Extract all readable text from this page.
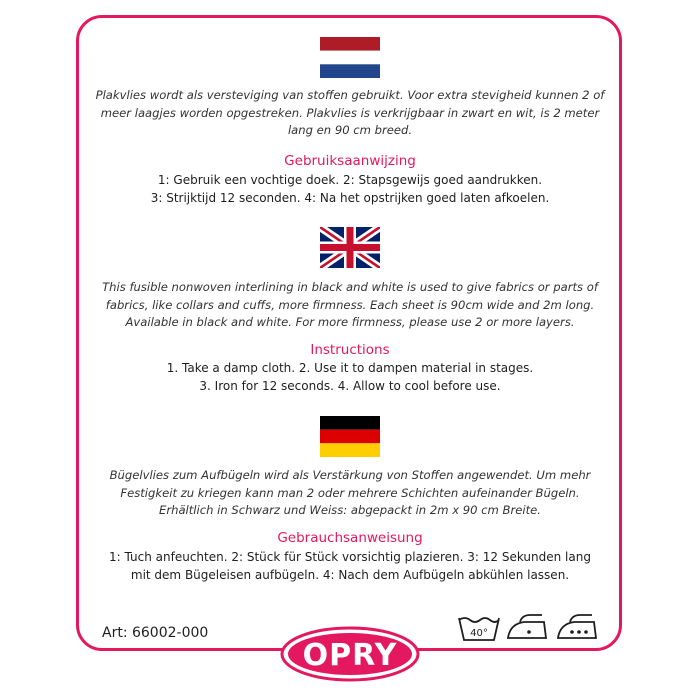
Plakvlies wordt als versteviging van stoffen gebruikt. Voor extra stevigheid kunnen 2 of meer laagjes worden opgestreken. Plakvlies is verkrijgbaar in zwart en wit, is 2 meter lang en 90 cm breed.
Gebruiksaanwijzing
1: Gebruik een vochtige doek. 2: Stapsgewijs goed aandrukken.
3: Strijktijd 12 seconden. 4: Na het opstrijken goed laten afkoelen.
This fusible nonwoven interlining in black and white is used to give fabrics or parts of fabrics, like collars and cuffs, more firmness. Each sheet is 90cm wide and 2m long. Available in black and white. For more firmness, please use 2 or more layers.
Instructions
1. Take a damp cloth. 2. Use it to dampen material in stages.
3. Iron for 12 seconds. 4. Allow to cool before use.
Bügelvlies zum Aufbügeln wird als Verstärkung von Stoffen angewendet. Um mehr Festigkeit zu kriegen kann man 2 oder mehrere Schichten aufeinander Bügeln. Erhältlich in Schwarz und Weiss: abgepackt in 2m x 90 cm Breite.
Gebrauchsanweisung
1: Tuch anfeuchten. 2: Stück für Stück vorsichtig plazieren. 3: 12 Sekunden lang
mit dem Bügeleisen aufbügeln. 4: Nach dem Aufbügeln abkühlen lassen.
Art: 66002-000
OPRY
40°
